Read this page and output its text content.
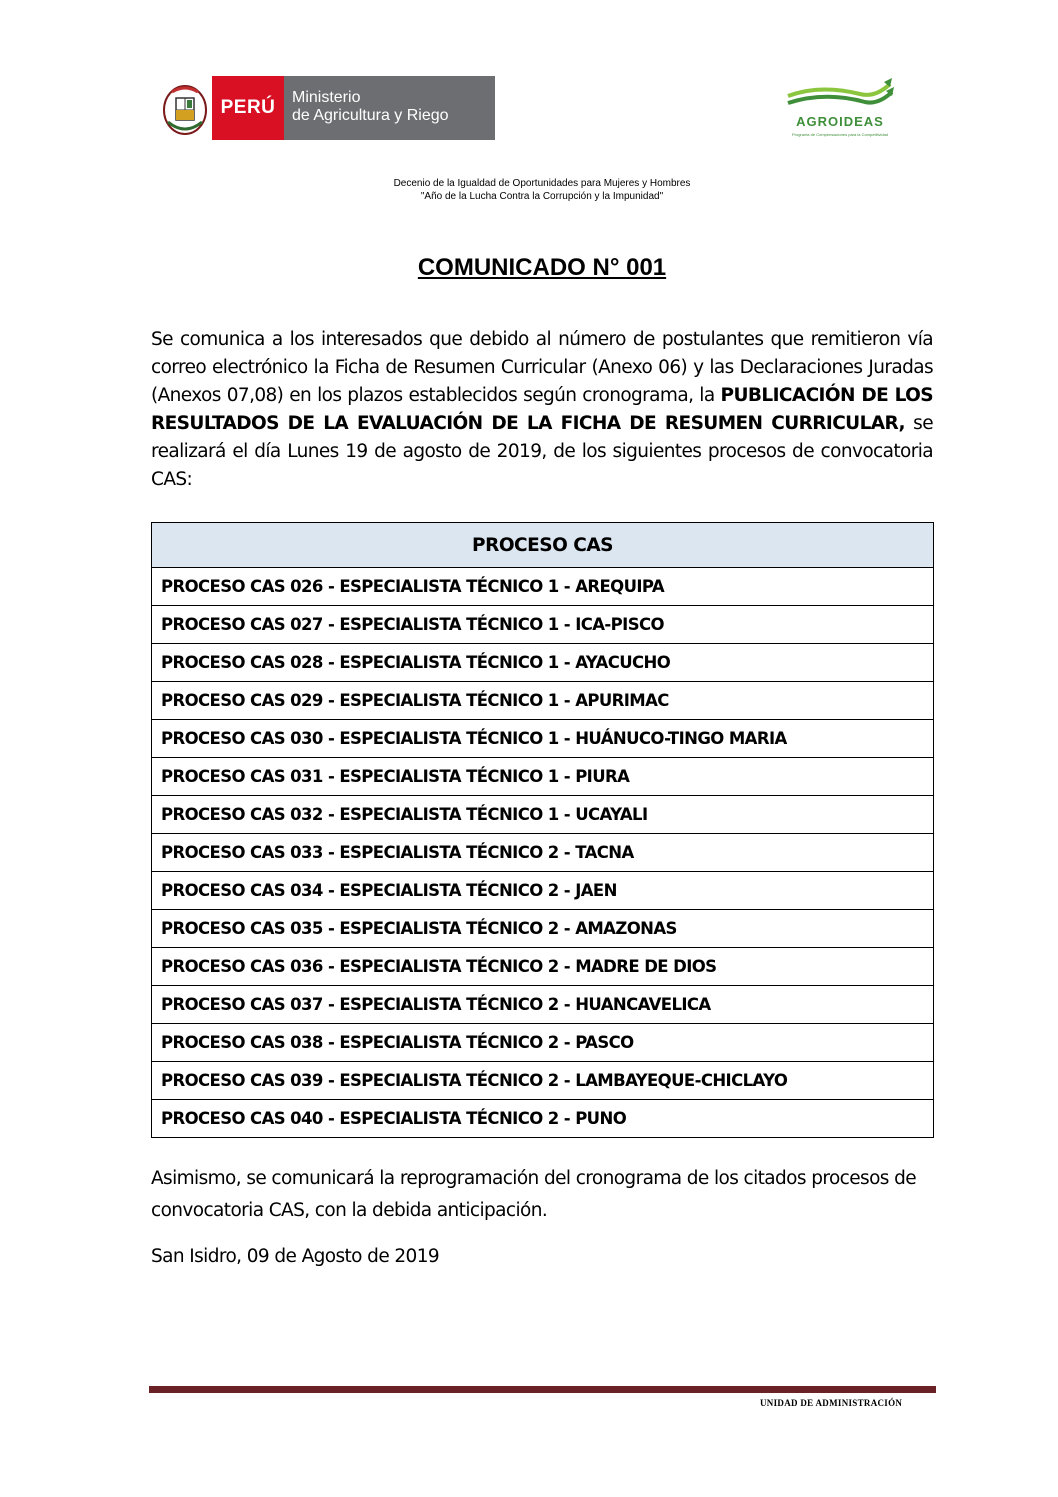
PERÚ	Ministerio
de Agricultura y Riego	AGROIDEAS
Programa de Compensaciones para la Competitividad
Decenio de la Igualdad de Oportunidades para Mujeres y Hombres
"Año de la Lucha Contra la Corrupción y la Impunidad"
COMUNICADO N° 001
Se comunica a los interesados que debido al número de postulantes que remitieron vía correo electrónico la Ficha de Resumen Curricular (Anexo 06) y las Declaraciones Juradas (Anexos 07,08) en los plazos establecidos según cronograma, la PUBLICACIÓN DE LOS RESULTADOS DE LA EVALUACIÓN DE LA FICHA DE RESUMEN CURRICULAR, se realizará el día Lunes 19 de agosto de 2019, de los siguientes procesos de convocatoria CAS:
PROCESO CAS
PROCESO CAS 026 - ESPECIALISTA TÉCNICO 1 - AREQUIPA
PROCESO CAS 027 - ESPECIALISTA TÉCNICO 1 - ICA-PISCO
PROCESO CAS 028 - ESPECIALISTA TÉCNICO 1 - AYACUCHO
PROCESO CAS 029 - ESPECIALISTA TÉCNICO 1 - APURIMAC
PROCESO CAS 030 - ESPECIALISTA TÉCNICO 1 - HUÁNUCO-TINGO MARIA
PROCESO CAS 031 - ESPECIALISTA TÉCNICO 1 - PIURA
PROCESO CAS 032 - ESPECIALISTA TÉCNICO 1 - UCAYALI
PROCESO CAS 033 - ESPECIALISTA TÉCNICO 2 - TACNA
PROCESO CAS 034 - ESPECIALISTA TÉCNICO 2 - JAEN
PROCESO CAS 035 - ESPECIALISTA TÉCNICO 2 - AMAZONAS
PROCESO CAS 036 - ESPECIALISTA TÉCNICO 2 - MADRE DE DIOS
PROCESO CAS 037 - ESPECIALISTA TÉCNICO 2 - HUANCAVELICA
PROCESO CAS 038 - ESPECIALISTA TÉCNICO 2 - PASCO
PROCESO CAS 039 - ESPECIALISTA TÉCNICO 2 - LAMBAYEQUE-CHICLAYO
PROCESO CAS 040 - ESPECIALISTA TÉCNICO 2 - PUNO
Asimismo, se comunicará la reprogramación del cronograma de los citados procesos de convocatoria CAS, con la debida anticipación.
San Isidro, 09 de Agosto de 2019
UNIDAD DE ADMINISTRACIÓN
